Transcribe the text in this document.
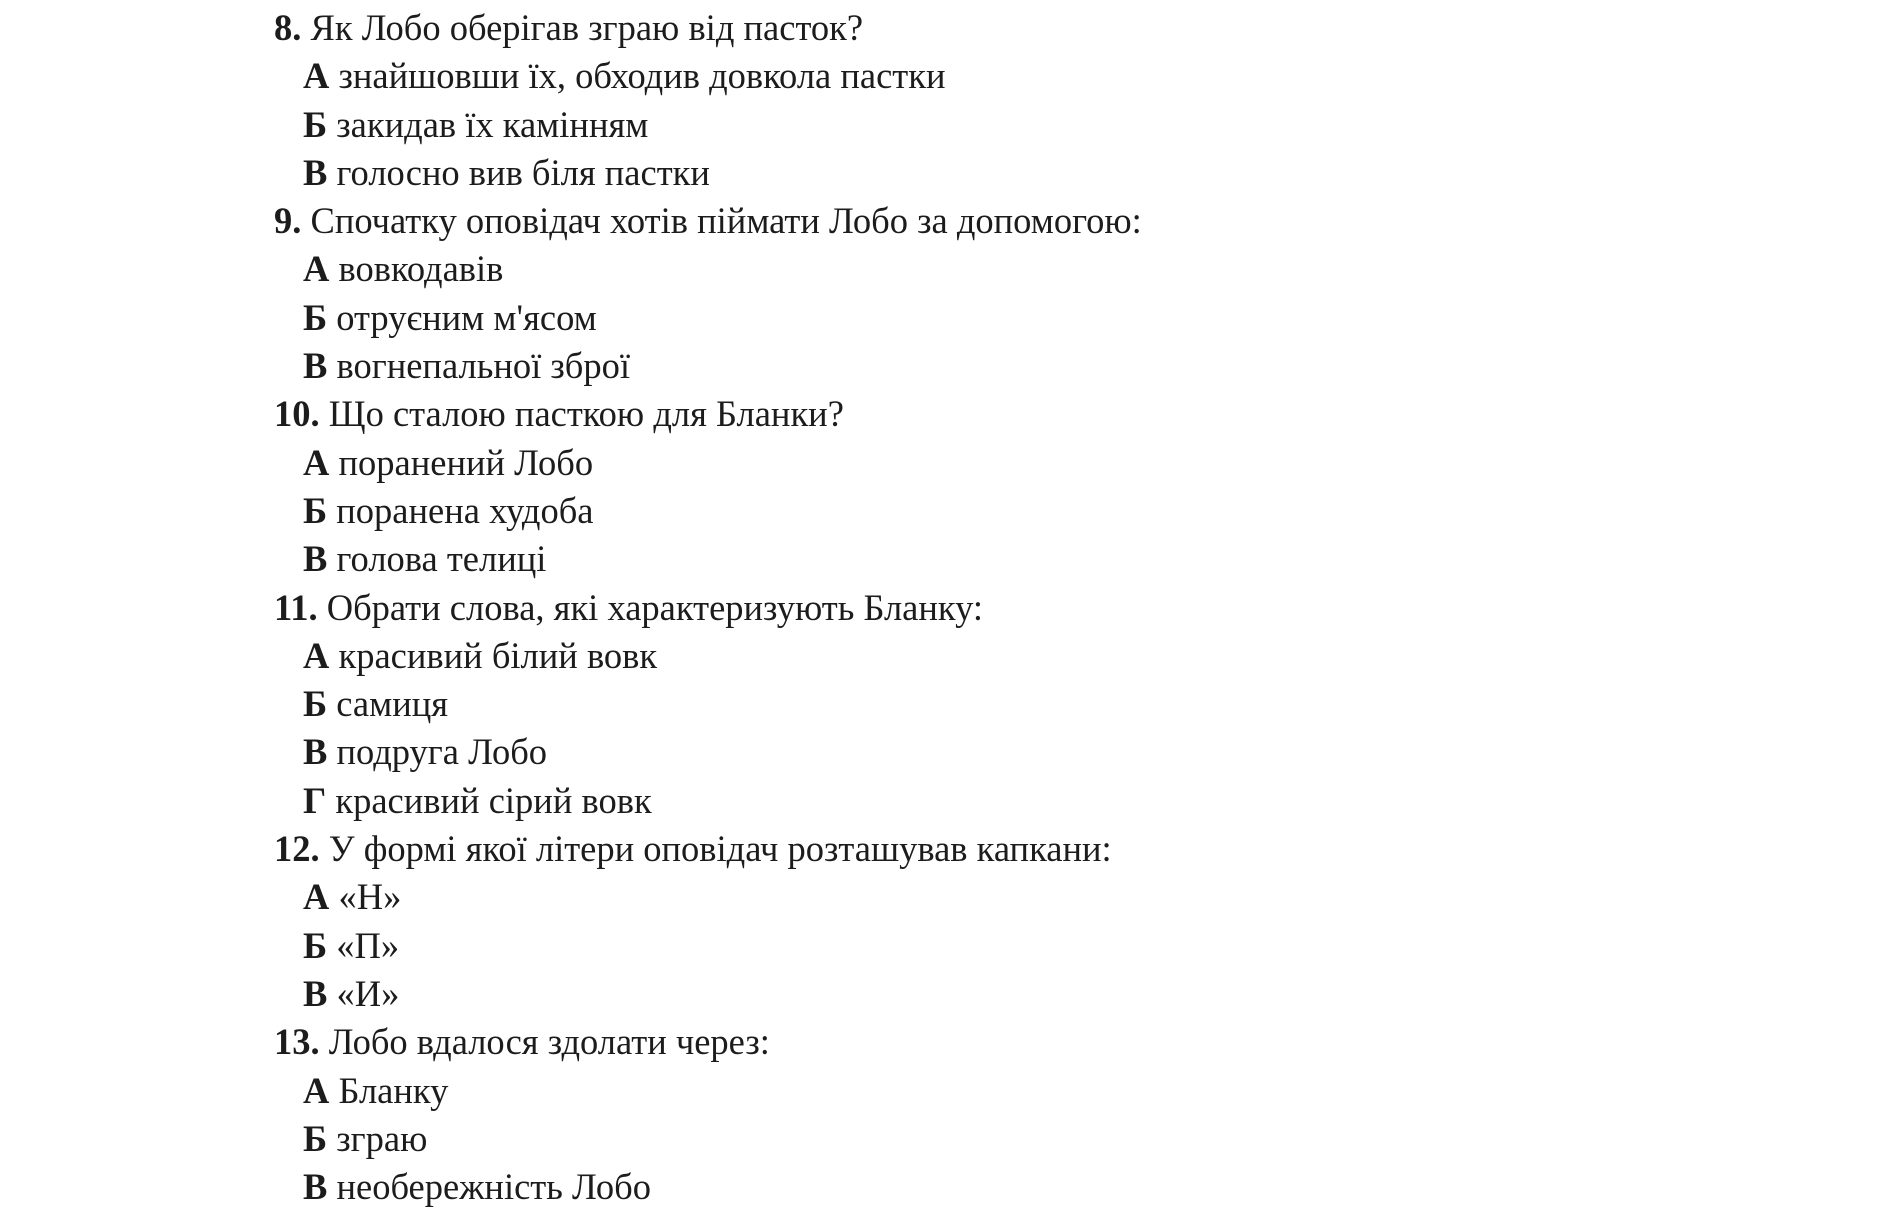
8. Як Лобо оберігав зграю від пасток?
А знайшовши їх, обходив довкола пастки
Б закидав їх камінням
В голосно вив біля пастки
9. Спочатку оповідач хотів піймати Лобо за допомогою:
А вовкодавів
Б отруєним м'ясом
В вогнепальної зброї
10. Що сталою пасткою для Бланки?
А поранений Лобо
Б поранена худоба
В голова телиці
11. Обрати слова, які характеризують Бланку:
А красивий білий вовк
Б самиця
В подруга Лобо
Г красивий сірий вовк
12. У формі якої літери оповідач розташував капкани:
А «Н»
Б «П»
В «И»
13. Лобо вдалося здолати через:
А Бланку
Б зграю
В необережність Лобо
